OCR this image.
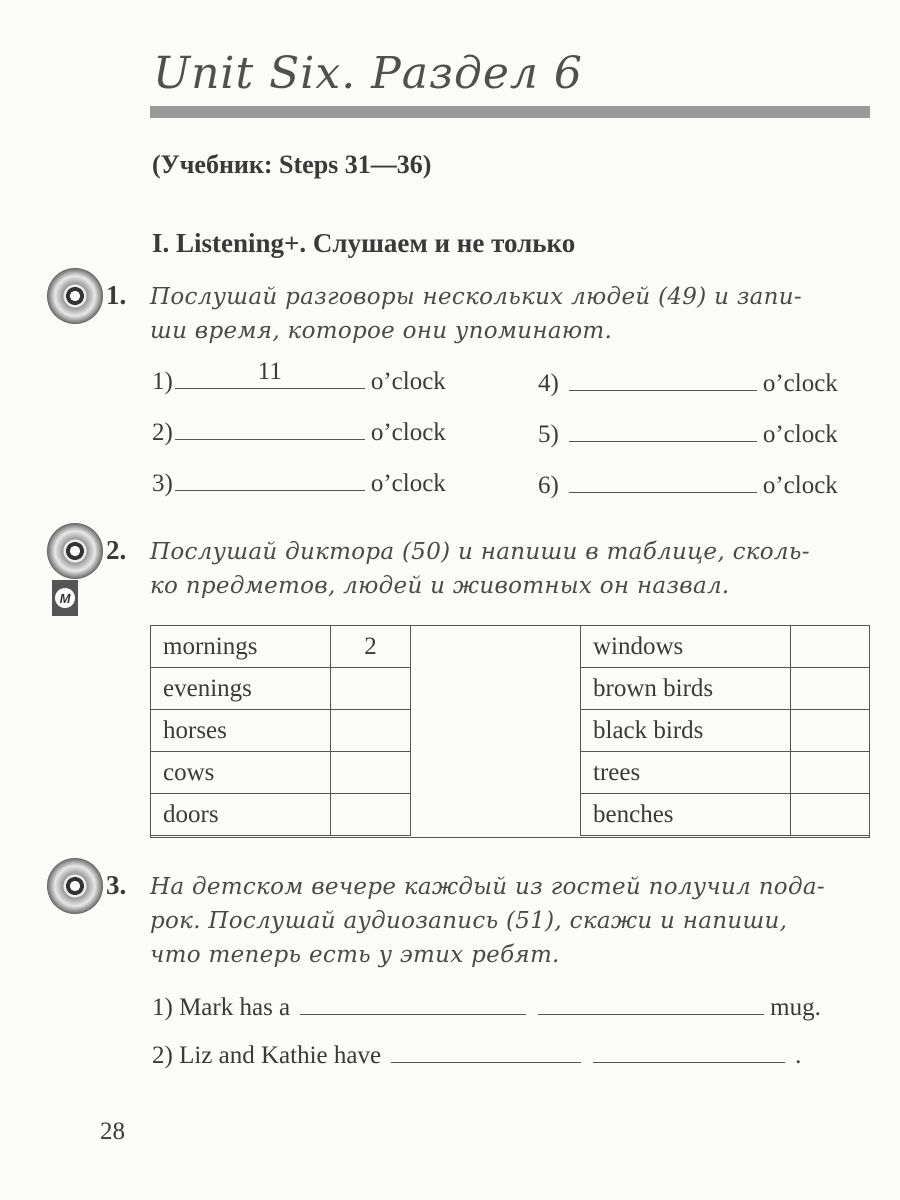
Unit Six. Раздел 6
(Учебник: Steps 31—36)
I. Listening+. Слушаем и не только
1. Послушай разговоры нескольких людей (49) и запи-
ши время, которое они упоминают.
1)	11	o’clock
2)	o’clock
3)	o’clock
4)	o’clock
5)	o’clock
6)	o’clock
M
2. Послушай диктора (50) и напиши в таблице, сколь-
ко предметов, людей и животных он назвал.
mornings	2
evenings	
horses	
cows	
doors	
windows	
brown birds	
black birds	
trees	
benches	
3. На детском вечере каждый из гостей получил пода-
рок. Послушай аудиозапись (51), скажи и напиши,
что теперь есть у этих ребят.
1) Mark has a	mug.
2) Liz and Kathie have	.
28
